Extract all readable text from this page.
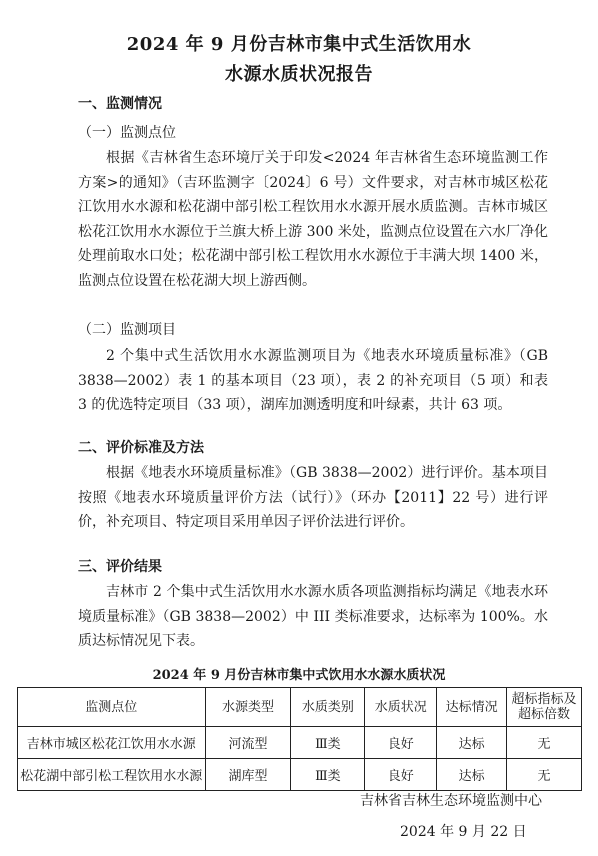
2024 年 9 月份吉林市集中式生活饮用水
水源水质状况报告
一、监测情况
（一）监测点位
根据《吉林省生态环境厅关于印发<2024 年吉林省生态环境监测工作方案>的通知》（吉环监测字〔2024〕6 号）文件要求，对吉林市城区松花江饮用水水源和松花湖中部引松工程饮用水水源开展水质监测。吉林市城区松花江饮用水水源位于兰旗大桥上游 300 米处，监测点位设置在六水厂净化处理前取水口处；松花湖中部引松工程饮用水水源位于丰满大坝 1400 米，监测点位设置在松花湖大坝上游西侧。
（二）监测项目
2 个集中式生活饮用水水源监测项目为《地表水环境质量标准》（GB 3838—2002）表 1 的基本项目（23 项），表 2 的补充项目（5 项）和表 3 的优选特定项目（33 项），湖库加测透明度和叶绿素，共计 63 项。
二、评价标准及方法
根据《地表水环境质量标准》（GB 3838—2002）进行评价。基本项目按照《地表水环境质量评价方法（试行）》（环办【2011】22 号）进行评价，补充项目、特定项目采用单因子评价法进行评价。
三、评价结果
吉林市 2 个集中式生活饮用水水源水质各项监测指标均满足《地表水环境质量标准》（GB 3838—2002）中 III 类标准要求，达标率为 100%。水质达标情况见下表。
2024 年 9 月份吉林市集中式饮用水水源水质状况
监测点位	水源类型	水质类别	水质状况	达标情况	超标指标及超标倍数
吉林市城区松花江饮用水水源	河流型	Ⅲ类	良好	达标	无
松花湖中部引松工程饮用水水源	湖库型	Ⅲ类	良好	达标	无
吉林省吉林生态环境监测中心
2024 年 9 月 22 日
